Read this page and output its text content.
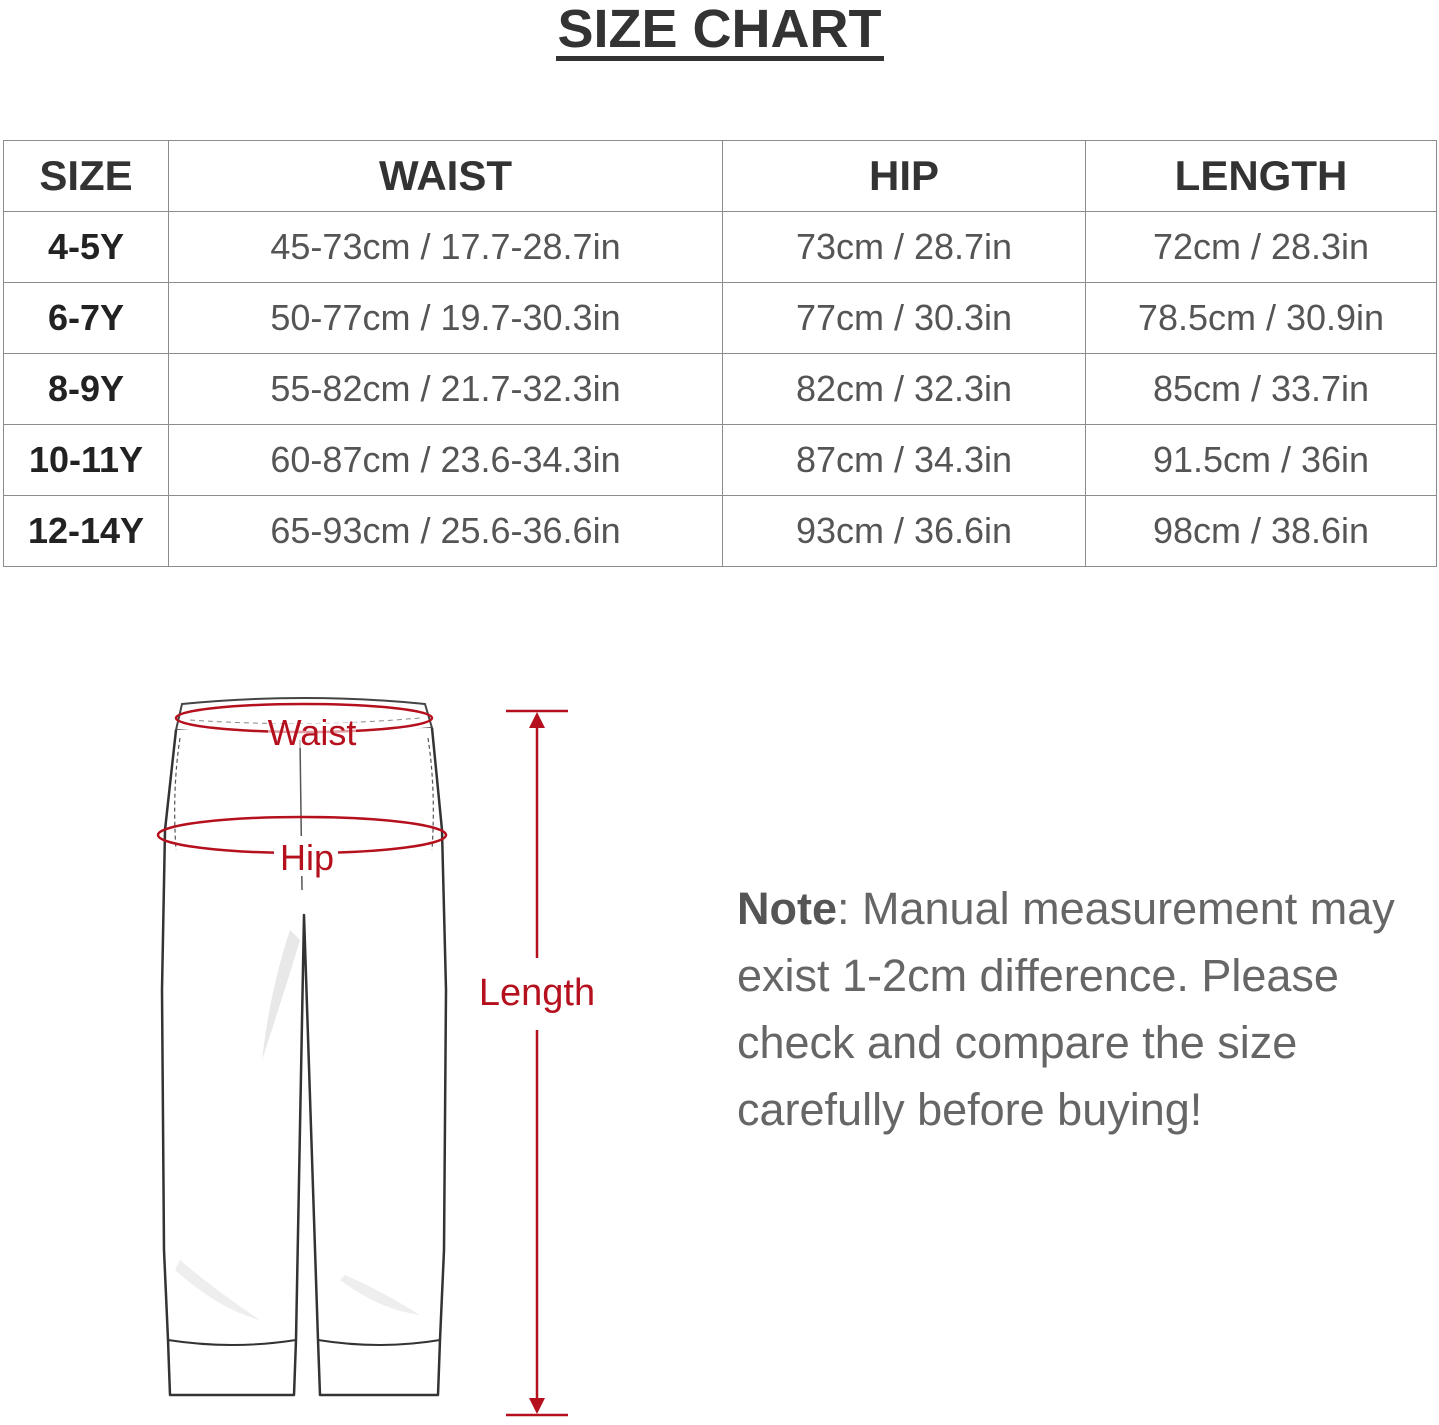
SIZE CHART
SIZE	WAIST	HIP	LENGTH
4-5Y	45-73cm / 17.7-28.7in	73cm / 28.7in	72cm / 28.3in
6-7Y	50-77cm / 19.7-30.3in	77cm / 30.3in	78.5cm / 30.9in
8-9Y	55-82cm / 21.7-32.3in	82cm / 32.3in	85cm / 33.7in
10-11Y	60-87cm / 23.6-34.3in	87cm / 34.3in	91.5cm / 36in
12-14Y	65-93cm / 25.6-36.6in	93cm / 36.6in	98cm / 38.6in
Waist
Hip
Length
Note: Manual measurement may exist 1-2cm difference. Please check and compare the size carefully before buying!
